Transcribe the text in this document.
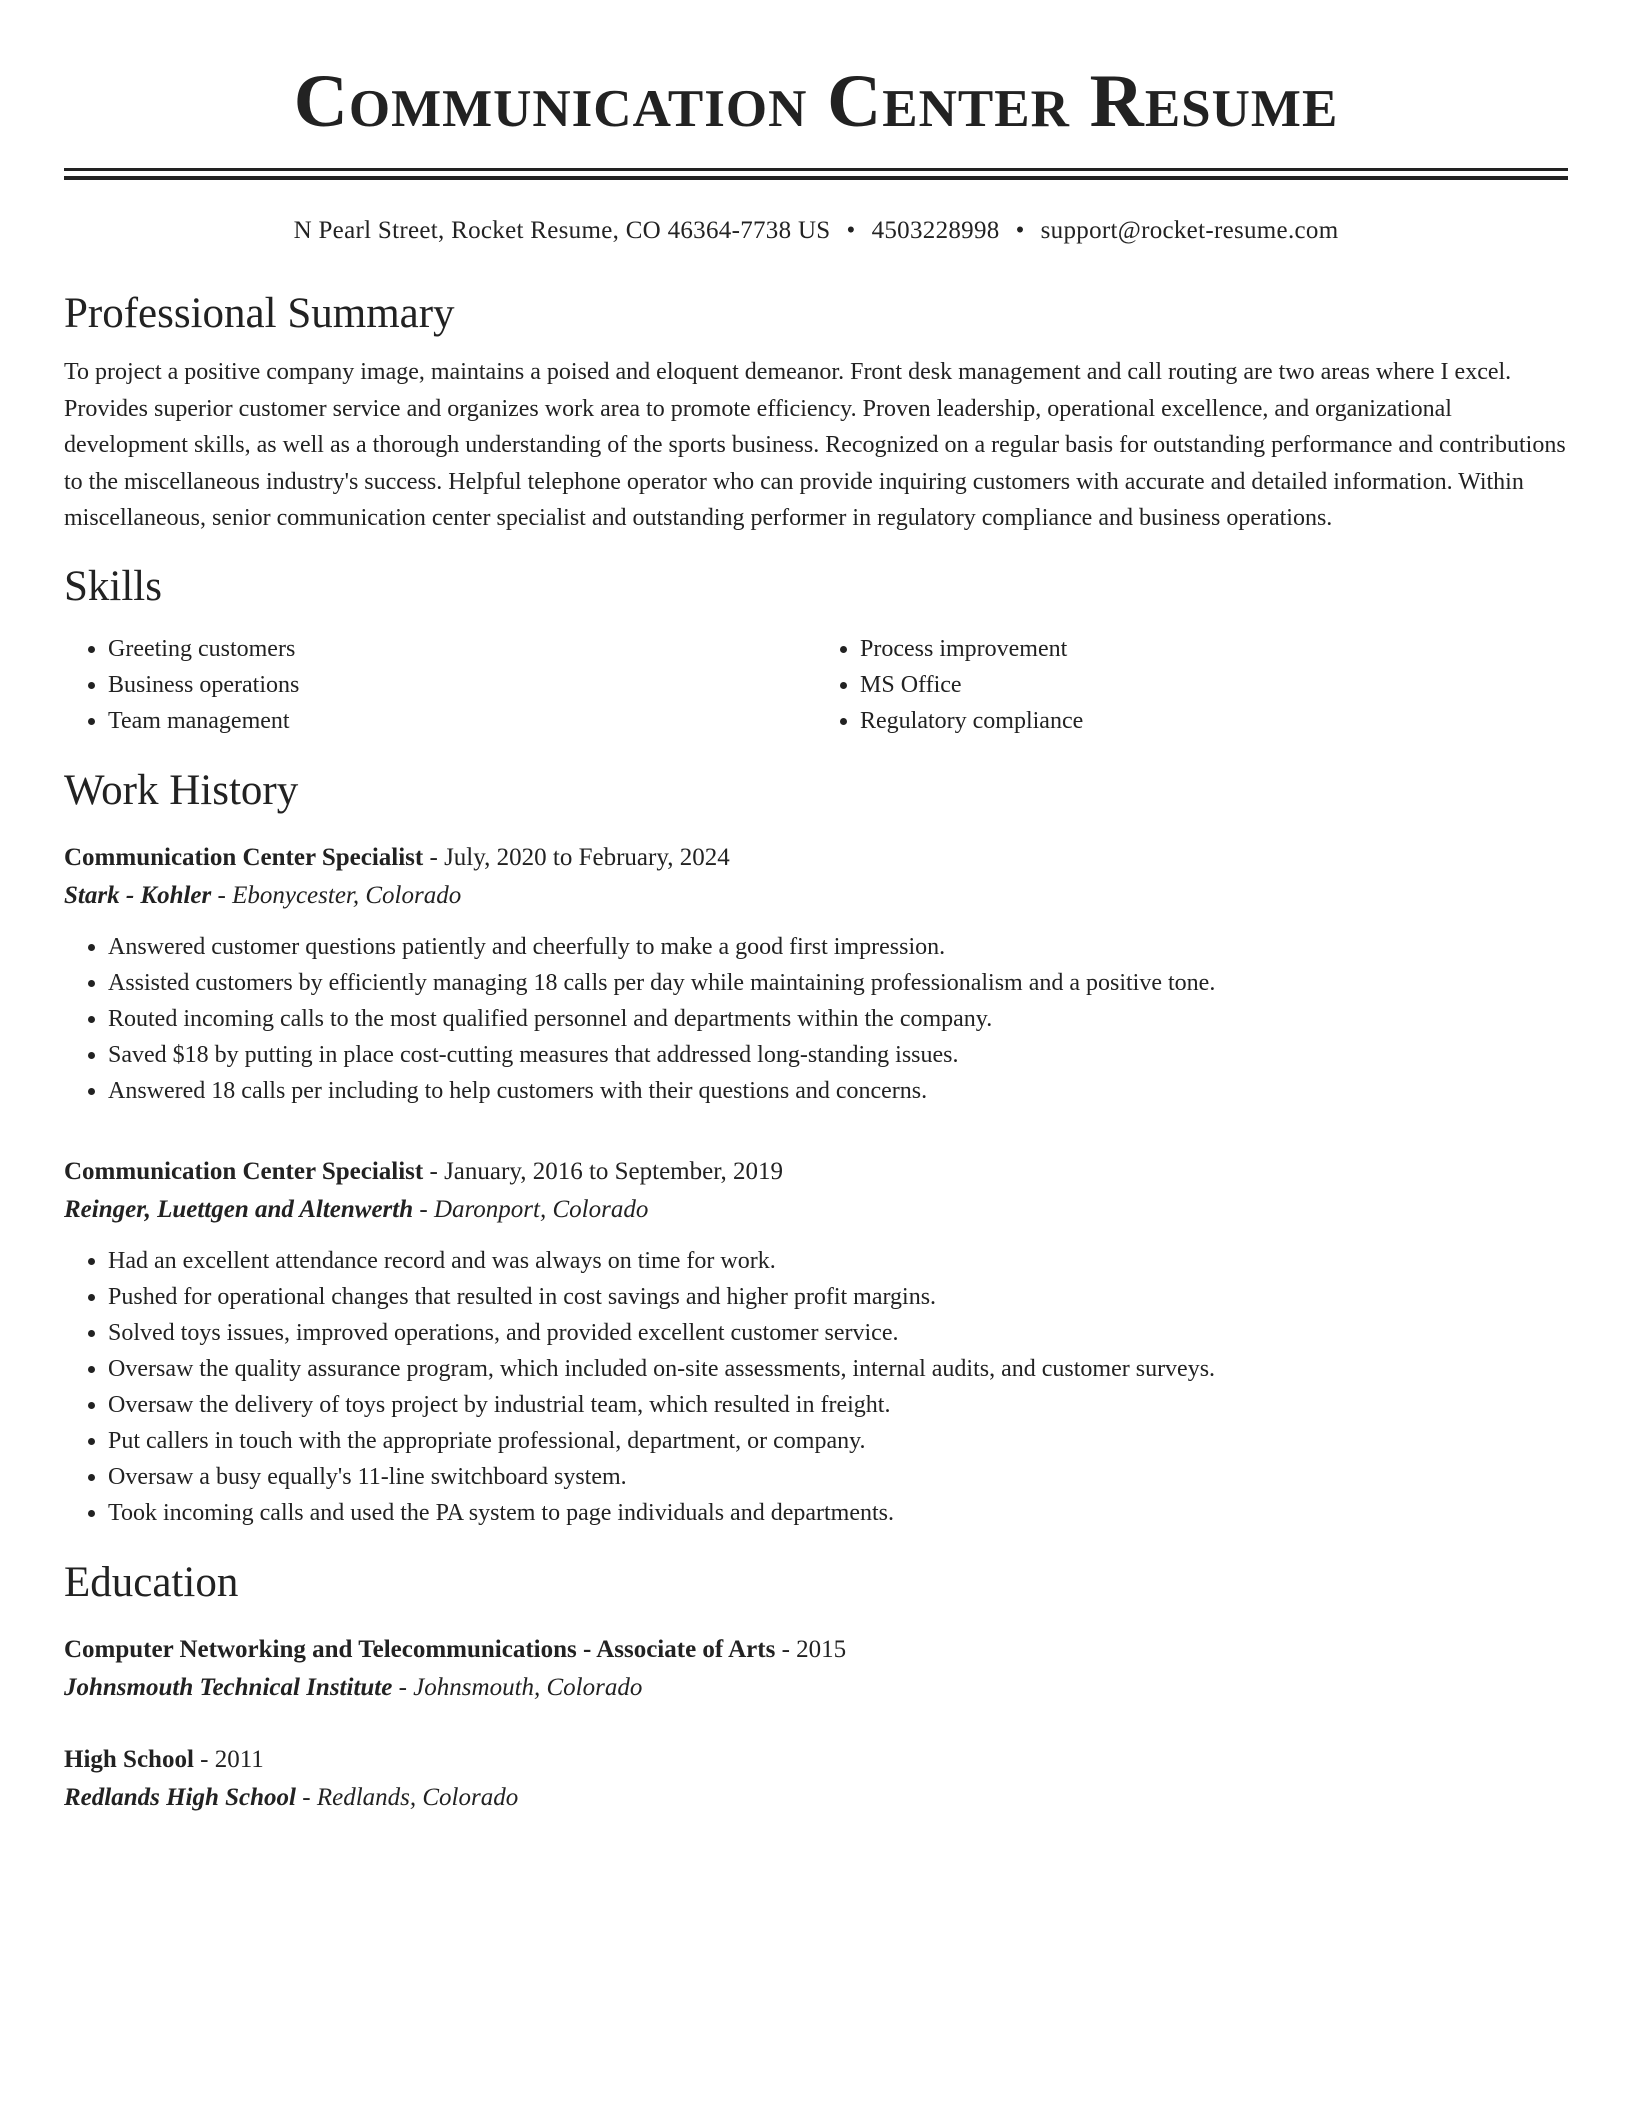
Communication Center Resume
N Pearl Street, Rocket Resume, CO 46364-7738 US • 4503228998 • support@rocket-resume.com
Professional Summary

To project a positive company image, maintains a poised and eloquent demeanor. Front desk management and call routing are two areas where I excel. Provides superior customer service and organizes work area to promote efficiency. Proven leadership, operational excellence, and organizational development skills, as well as a thorough understanding of the sports business. Recognized on a regular basis for outstanding performance and contributions to the miscellaneous industry's success. Helpful telephone operator who can provide inquiring customers with accurate and detailed information. Within miscellaneous, senior communication center specialist and outstanding performer in regulatory compliance and business operations.

Skills
• Greeting customers
• Business operations
• Team management
• Process improvement
• MS Office
• Regulatory compliance
Work History
Communication Center Specialist - July, 2020 to February, 2024
Stark - Kohler - Ebonycester, Colorado
• Answered customer questions patiently and cheerfully to make a good first impression.
• Assisted customers by efficiently managing 18 calls per day while maintaining professionalism and a positive tone.
• Routed incoming calls to the most qualified personnel and departments within the company.
• Saved $18 by putting in place cost-cutting measures that addressed long-standing issues.
• Answered 18 calls per including to help customers with their questions and concerns.
Communication Center Specialist - January, 2016 to September, 2019
Reinger, Luettgen and Altenwerth - Daronport, Colorado
• Had an excellent attendance record and was always on time for work.
• Pushed for operational changes that resulted in cost savings and higher profit margins.
• Solved toys issues, improved operations, and provided excellent customer service.
• Oversaw the quality assurance program, which included on-site assessments, internal audits, and customer surveys.
• Oversaw the delivery of toys project by industrial team, which resulted in freight.
• Put callers in touch with the appropriate professional, department, or company.
• Oversaw a busy equally's 11-line switchboard system.
• Took incoming calls and used the PA system to page individuals and departments.
Education
Computer Networking and Telecommunications - Associate of Arts - 2015
Johnsmouth Technical Institute - Johnsmouth, Colorado
High School - 2011
Redlands High School - Redlands, Colorado
